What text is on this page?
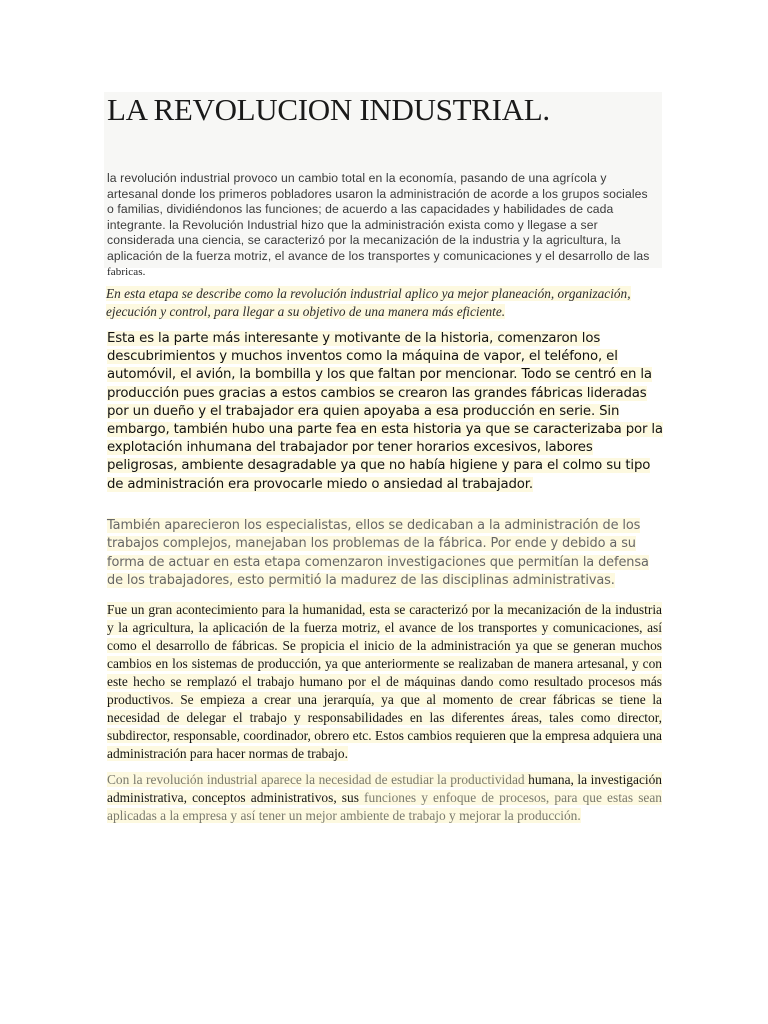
LA REVOLUCION INDUSTRIAL.

la revolución industrial provoco un cambio total en la economía, pasando de una agrícola y artesanal donde los primeros pobladores usaron la administración de acorde a los grupos sociales o familias, dividiéndonos las funciones; de acuerdo a las capacidades y habilidades de cada integrante. la Revolución Industrial hizo que la administración exista como y llegase a ser considerada una ciencia, se caracterizó por la mecanización de la industria y la agricultura, la aplicación de la fuerza motriz, el avance de los transportes y comunicaciones y el desarrollo de las fabricas.

En esta etapa se describe como la revolución industrial aplico ya mejor planeación, organización, ejecución y control, para llegar a su objetivo de una manera más eficiente.

Esta es la parte más interesante y motivante de la historia, comenzaron los descubrimientos y muchos inventos como la máquina de vapor, el teléfono, el automóvil, el avión, la bombilla y los que faltan por mencionar. Todo se centró en la producción pues gracias a estos cambios se crearon las grandes fábricas lideradas por un dueño y el trabajador era quien apoyaba a esa producción en serie. Sin embargo, también hubo una parte fea en esta historia ya que se caracterizaba por la explotación inhumana del trabajador por tener horarios excesivos, labores peligrosas, ambiente desagradable ya que no había higiene y para el colmo su tipo de administración era provocarle miedo o ansiedad al trabajador.

También aparecieron los especialistas, ellos se dedicaban a la administración de los trabajos complejos, manejaban los problemas de la fábrica. Por ende y debido a su forma de actuar en esta etapa comenzaron investigaciones que permitían la defensa de los trabajadores, esto permitió la madurez de las disciplinas administrativas.

Fue un gran acontecimiento para la humanidad, esta se caracterizó por la mecanización de la industria y la agricultura, la aplicación de la fuerza motriz, el avance de los transportes y comunicaciones, así como el desarrollo de fábricas. Se propicia el inicio de la administración ya que se generan muchos cambios en los sistemas de producción, ya que anteriormente se realizaban de manera artesanal, y con este hecho se remplazó el trabajo humano por el de máquinas dando como resultado procesos más productivos. Se empieza a crear una jerarquía, ya que al momento de crear fábricas se tiene la necesidad de delegar el trabajo y responsabilidades en las diferentes áreas, tales como director, subdirector, responsable, coordinador, obrero etc. Estos cambios requieren que la empresa adquiera una administración para hacer normas de trabajo.

Con la revolución industrial aparece la necesidad de estudiar la productividad humana, la investigación administrativa, conceptos administrativos, sus funciones y enfoque de procesos, para que estas sean aplicadas a la empresa y así tener un mejor ambiente de trabajo y mejorar la producción.
